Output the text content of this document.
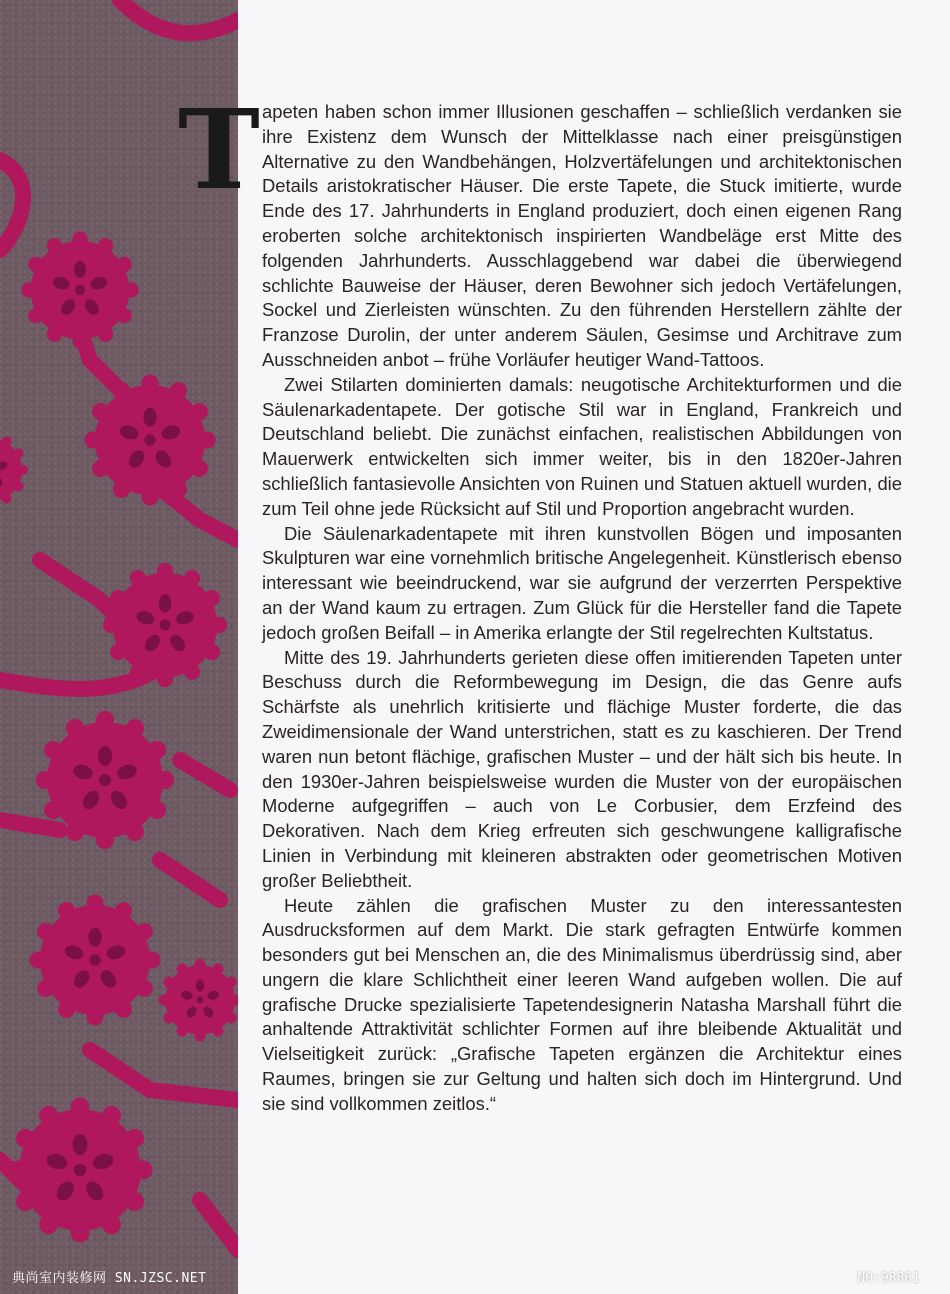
T apeten haben schon immer Illusionen geschaffen – schließlich verdanken sie ihre Existenz dem Wunsch der Mittelklasse nach einer preisgünstigen Alternative zu den Wandbehängen, Holzvertäfelungen und architektonischen Details aristokratischer Häuser. Die erste Tapete, die Stuck imitierte, wurde Ende des 17. Jahrhunderts in England produziert, doch einen eigenen Rang eroberten solche architektonisch inspirierten Wandbeläge erst Mitte des folgenden Jahrhunderts. Ausschlaggebend war dabei die überwiegend schlichte Bauweise der Häuser, deren Bewohner sich jedoch Vertäfelungen, Sockel und Zierleisten wünschten. Zu den führenden Herstellern zählte der Franzose Durolin, der unter anderem Säulen, Gesimse und Architrave zum Ausschneiden anbot – frühe Vorläufer heutiger Wand-Tattoos.

Zwei Stilarten dominierten damals: neugotische Architekturformen und die Säulenarkadentapete. Der gotische Stil war in England, Frankreich und Deutschland beliebt. Die zunächst einfachen, realistischen Abbildungen von Mauerwerk entwickelten sich immer weiter, bis in den 1820er-Jahren schließlich fantasievolle Ansichten von Ruinen und Statuen aktuell wurden, die zum Teil ohne jede Rücksicht auf Stil und Proportion angebracht wurden.

Die Säulenarkadentapete mit ihren kunstvollen Bögen und imposanten Skulpturen war eine vornehmlich britische Angelegenheit. Künstlerisch ebenso interessant wie beeindruckend, war sie aufgrund der verzerrten Perspektive an der Wand kaum zu ertragen. Zum Glück für die Hersteller fand die Tapete jedoch großen Beifall – in Amerika erlangte der Stil regelrechten Kultstatus.

Mitte des 19. Jahrhunderts gerieten diese offen imitierenden Tapeten unter Beschuss durch die Reformbewegung im Design, die das Genre aufs Schärfste als unehrlich kritisierte und flächige Muster forderte, die das Zweidimensionale der Wand unterstrichen, statt es zu kaschieren. Der Trend waren nun betont flächige, grafischen Muster – und der hält sich bis heute. In den 1930er-Jahren beispielsweise wurden die Muster von der europäischen Moderne aufgegriffen – auch von Le Corbusier, dem Erzfeind des Dekorativen. Nach dem Krieg erfreuten sich geschwungene kalligrafische Linien in Verbindung mit kleineren abstrakten oder geometrischen Motiven großer Beliebtheit.

Heute zählen die grafischen Muster zu den interessantesten Ausdrucksformen auf dem Markt. Die stark gefragten Entwürfe kommen besonders gut bei Menschen an, die des Minimalismus überdrüssig sind, aber ungern die klare Schlichtheit einer leeren Wand aufgeben wollen. Die auf grafische Drucke spezialisierte Tapetendesignerin Natasha Marshall führt die anhaltende Attraktivität schlichter Formen auf ihre bleibende Aktualität und Vielseitigkeit zurück: „Grafische Tapeten ergänzen die Architektur eines Raumes, bringen sie zur Geltung und halten sich doch im Hintergrund. Und sie sind vollkommen zeitlos.“

典尚室内装修网 SN.JZSC.NET	NO:98861
